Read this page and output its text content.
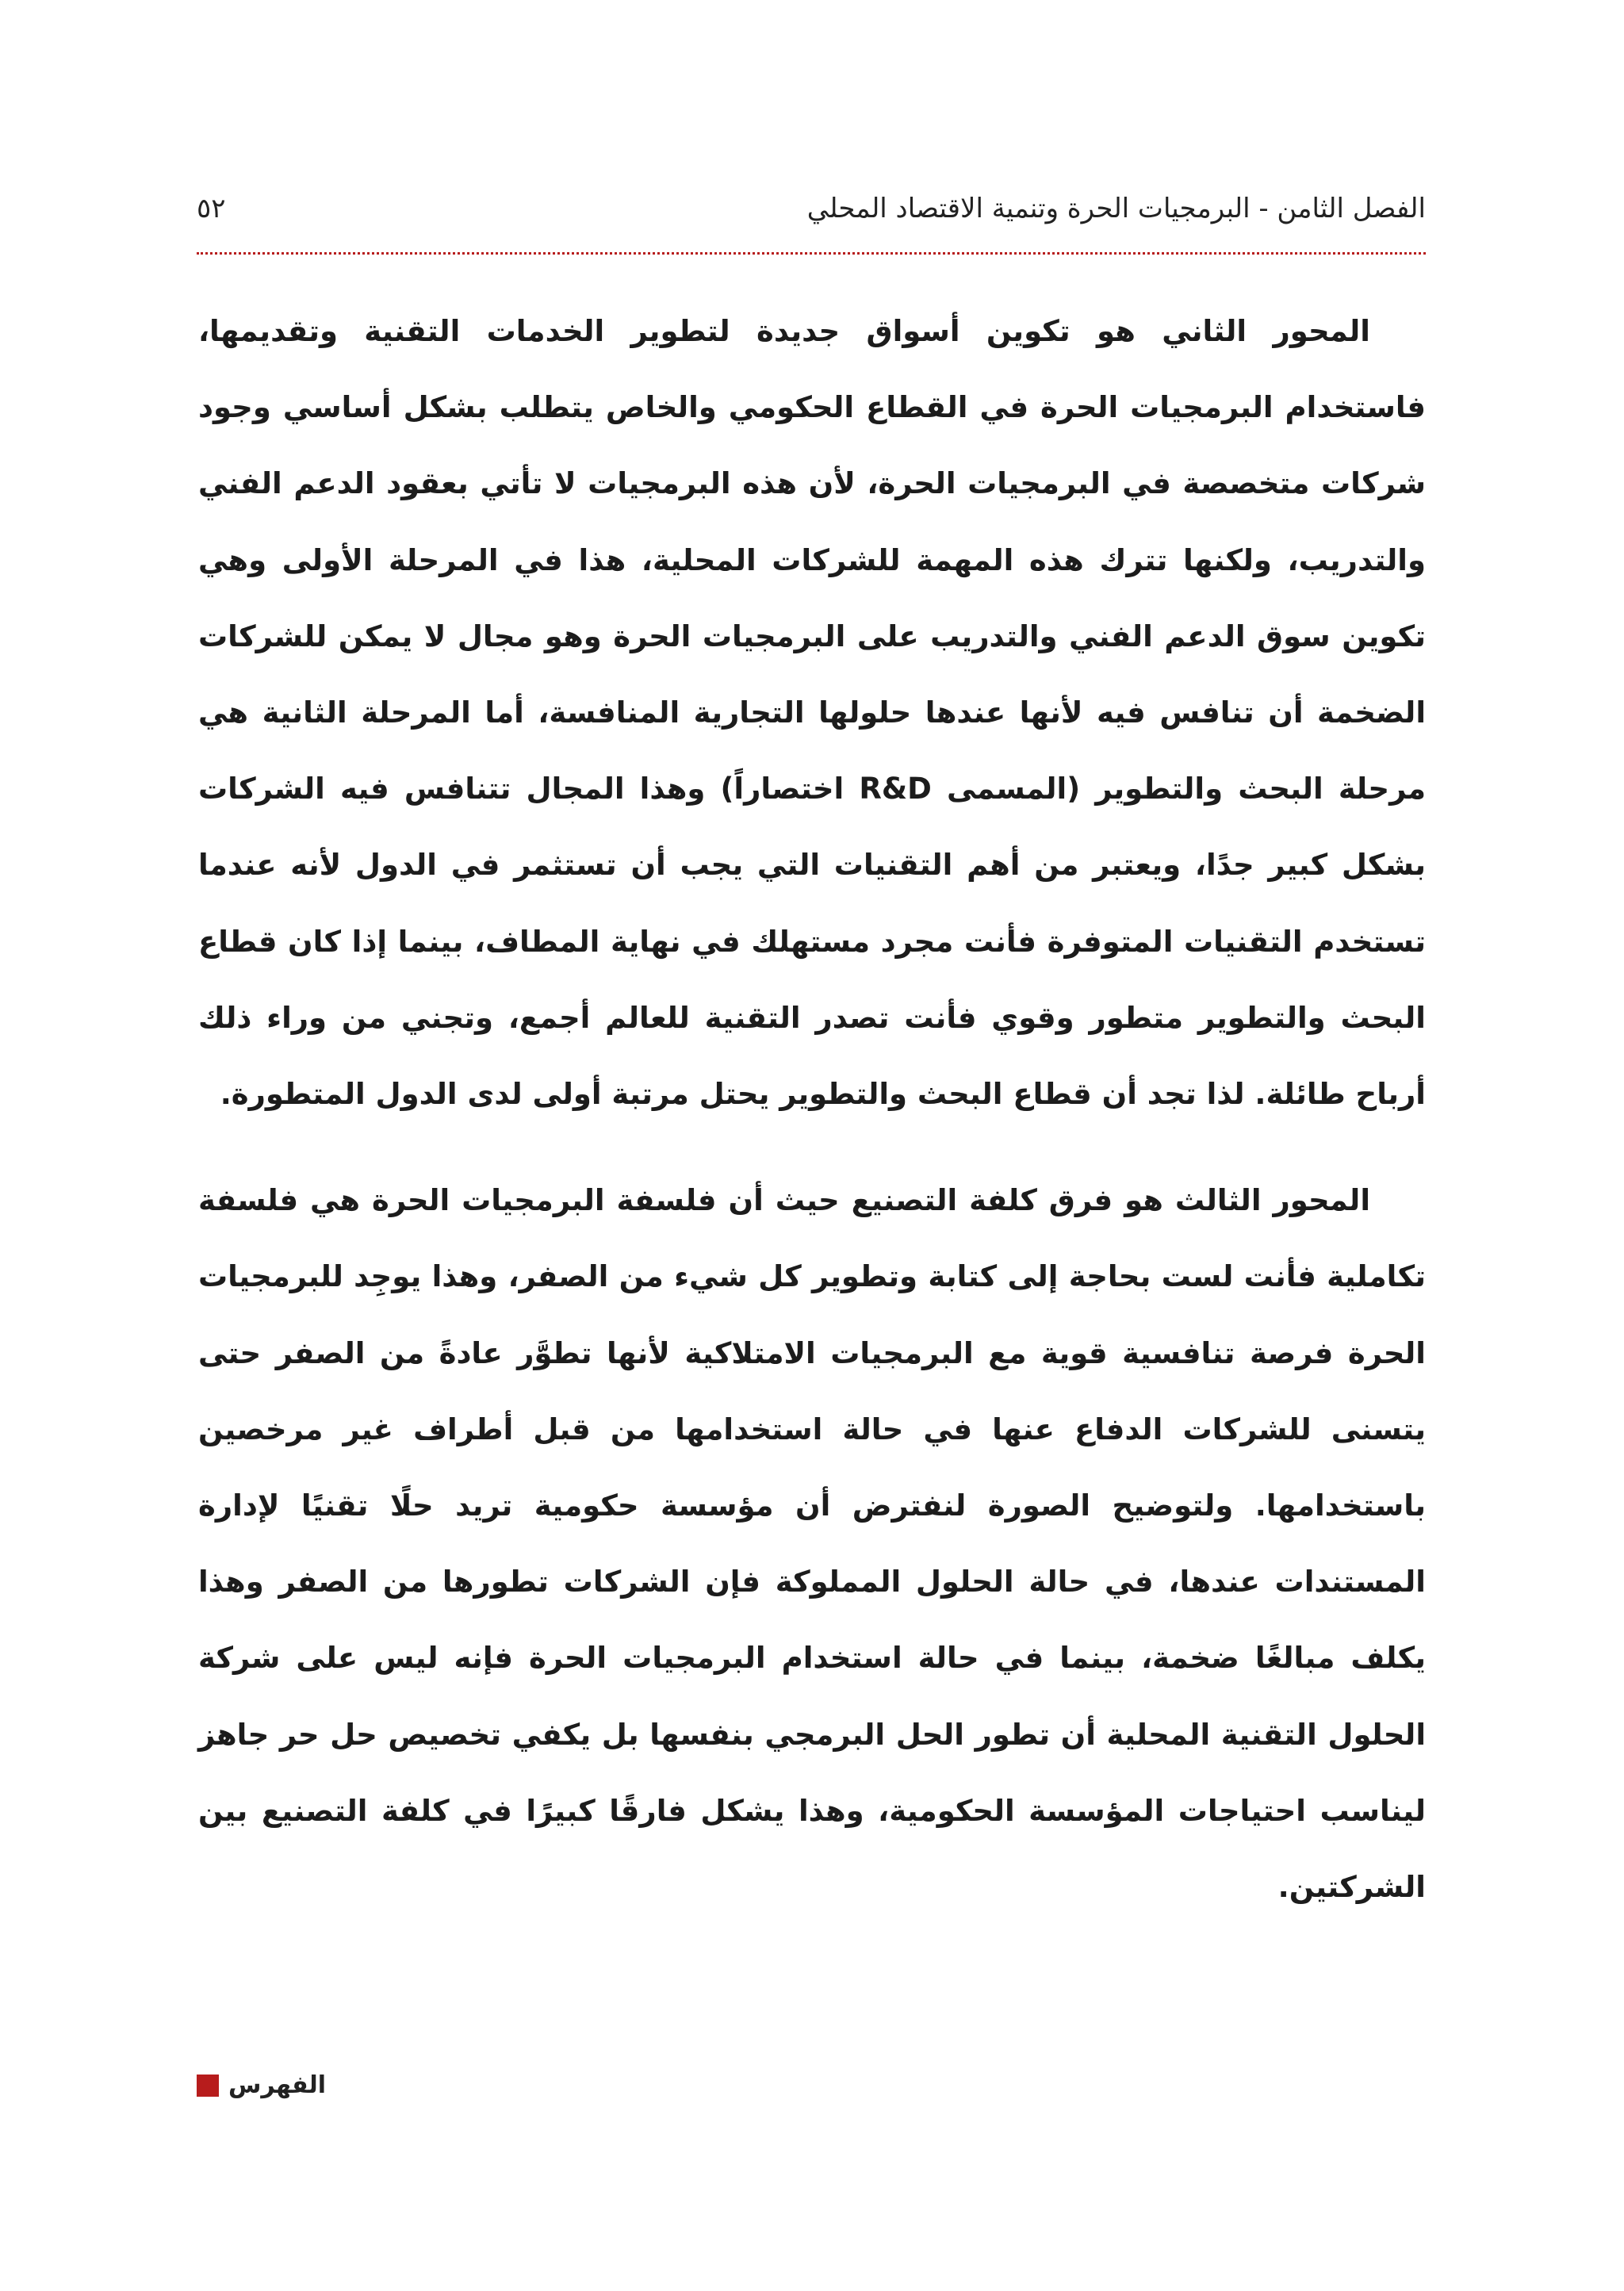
الفصل الثامن - البرمجيات الحرة وتنمية الاقتصاد المحلي
٥٢

المحور الثاني هو تكوين أسواق جديدة لتطوير الخدمات التقنية وتقديمها، فاستخدام البرمجيات الحرة في القطاع الحكومي والخاص يتطلب بشكل أساسي وجود شركات متخصصة في البرمجيات الحرة، لأن هذه البرمجيات لا تأتي بعقود الدعم الفني والتدريب، ولكنها تترك هذه المهمة للشركات المحلية، هذا في المرحلة الأولى وهي تكوين سوق الدعم الفني والتدريب على البرمجيات الحرة وهو مجال لا يمكن للشركات الضخمة أن تنافس فيه لأنها عندها حلولها التجارية المنافسة، أما المرحلة الثانية هي مرحلة البحث والتطوير (المسمى R&D اختصاراً) وهذا المجال تتنافس فيه الشركات بشكل كبير جدًا، ويعتبر من أهم التقنيات التي يجب أن تستثمر في الدول لأنه عندما تستخدم التقنيات المتوفرة فأنت مجرد مستهلك في نهاية المطاف، بينما إذا كان قطاع البحث والتطوير متطور وقوي فأنت تصدر التقنية للعالم أجمع، وتجني من وراء ذلك أرباح طائلة. لذا تجد أن قطاع البحث والتطوير يحتل مرتبة أولى لدى الدول المتطورة.

المحور الثالث هو فرق كلفة التصنيع حيث أن فلسفة البرمجيات الحرة هي فلسفة تكاملية فأنت لست بحاجة إلى كتابة وتطوير كل شيء من الصفر، وهذا يوجِد للبرمجيات الحرة فرصة تنافسية قوية مع البرمجيات الامتلاكية لأنها تطوَّر عادةً من الصفر حتى يتسنى للشركات الدفاع عنها في حالة استخدامها من قبل أطراف غير مرخصين باستخدامها. ولتوضيح الصورة لنفترض أن مؤسسة حكومية تريد حلًا تقنيًا لإدارة المستندات عندها، في حالة الحلول المملوكة فإن الشركات تطورها من الصفر وهذا يكلف مبالغًا ضخمة، بينما في حالة استخدام البرمجيات الحرة فإنه ليس على شركة الحلول التقنية المحلية أن تطور الحل البرمجي بنفسها بل يكفي تخصيص حل حر جاهز ليناسب احتياجات المؤسسة الحكومية، وهذا يشكل فارقًا كبيرًا في كلفة التصنيع بين الشركتين.

الفهرس
